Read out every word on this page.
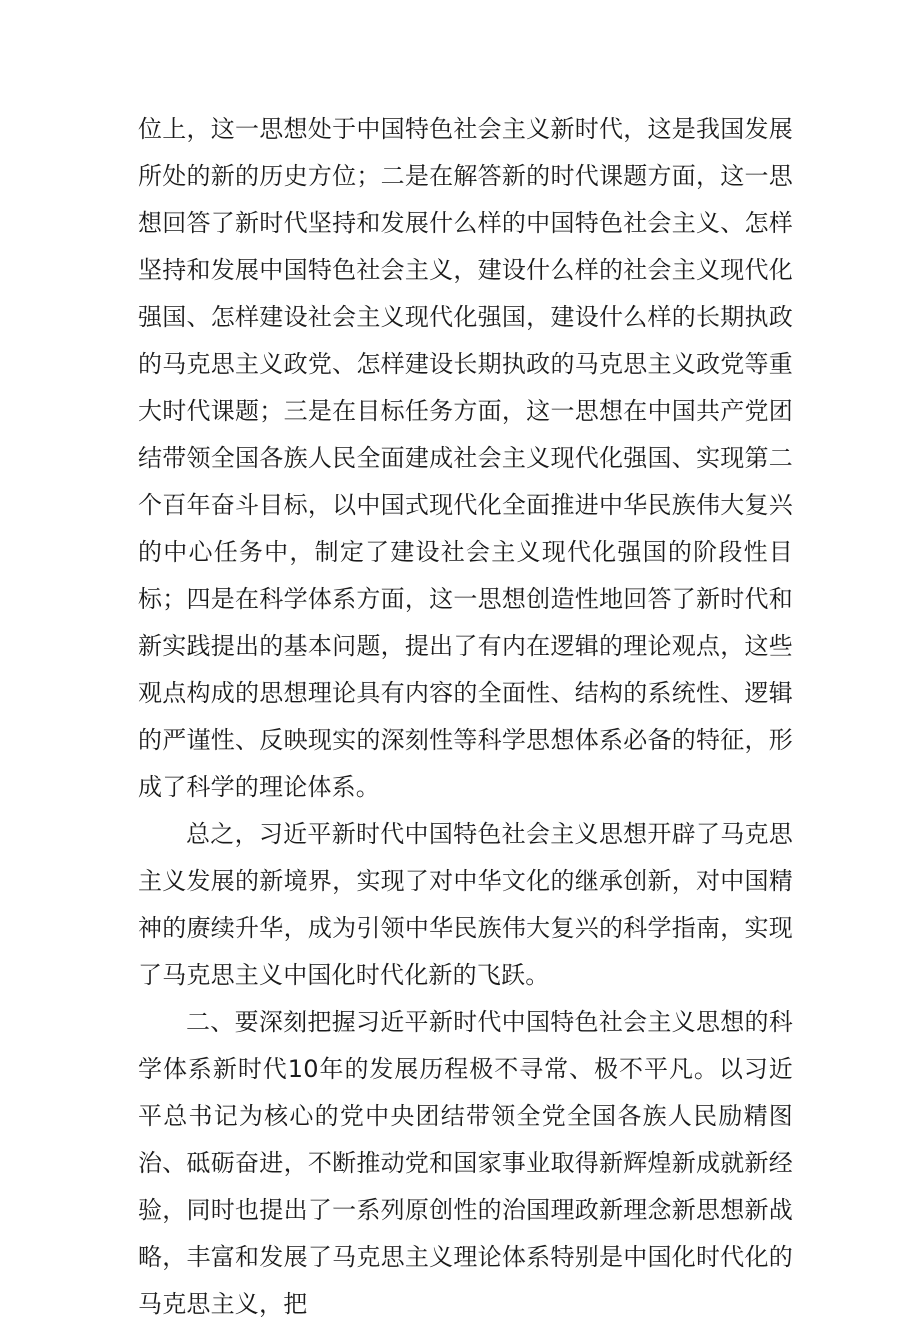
位上，这一思想处于中国特色社会主义新时代，这是我国发展所处的新的历史方位；二是在解答新的时代课题方面，这一思想回答了新时代坚持和发展什么样的中国特色社会主义、怎样坚持和发展中国特色社会主义，建设什么样的社会主义现代化强国、怎样建设社会主义现代化强国，建设什么样的长期执政的马克思主义政党、怎样建设长期执政的马克思主义政党等重大时代课题；三是在目标任务方面，这一思想在中国共产党团结带领全国各族人民全面建成社会主义现代化强国、实现第二个百年奋斗目标，以中国式现代化全面推进中华民族伟大复兴的中心任务中，制定了建设社会主义现代化强国的阶段性目标；四是在科学体系方面，这一思想创造性地回答了新时代和新实践提出的基本问题，提出了有内在逻辑的理论观点，这些观点构成的思想理论具有内容的全面性、结构的系统性、逻辑的严谨性、反映现实的深刻性等科学思想体系必备的特征，形成了科学的理论体系。

总之，习近平新时代中国特色社会主义思想开辟了马克思主义发展的新境界，实现了对中华文化的继承创新，对中国精神的赓续升华，成为引领中华民族伟大复兴的科学指南，实现了马克思主义中国化时代化新的飞跃。

二、要深刻把握习近平新时代中国特色社会主义思想的科学体系新时代10年的发展历程极不寻常、极不平凡。以习近平总书记为核心的党中央团结带领全党全国各族人民励精图治、砥砺奋进，不断推动党和国家事业取得新辉煌新成就新经验，同时也提出了一系列原创性的治国理政新理念新思想新战略，丰富和发展了马克思主义理论体系特别是中国化时代化的马克思主义，把
